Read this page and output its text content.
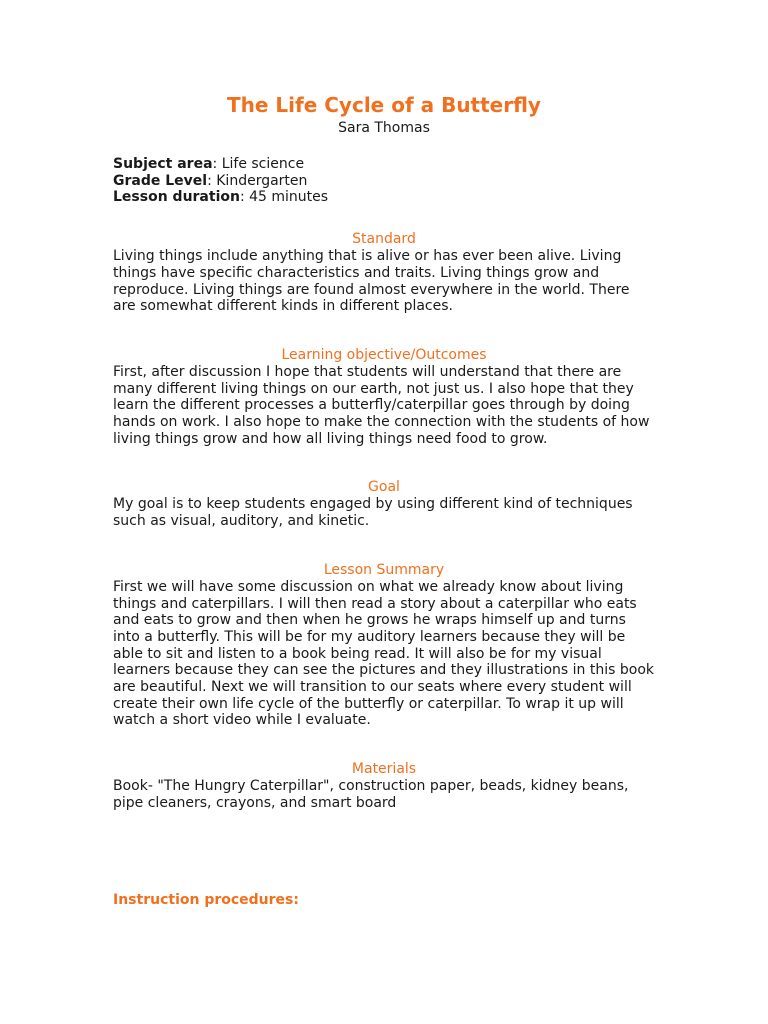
The Life Cycle of a Butterfly
Sara Thomas
Subject area: Life science
Grade Level: Kindergarten
Lesson duration: 45 minutes
Standard

Living things include anything that is alive or has ever been alive. Living things have specific characteristics and traits. Living things grow and reproduce. Living things are found almost everywhere in the world. There are somewhat different kinds in different places.

Learning objective/Outcomes

First, after discussion I hope that students will understand that there are many different living things on our earth, not just us. I also hope that they learn the different processes a butterfly/caterpillar goes through by doing hands on work. I also hope to make the connection with the students of how living things grow and how all living things need food to grow.

Goal

My goal is to keep students engaged by using different kind of techniques such as visual, auditory, and kinetic.

Lesson Summary

First we will have some discussion on what we already know about living things and caterpillars. I will then read a story about a caterpillar who eats and eats to grow and then when he grows he wraps himself up and turns into a butterfly. This will be for my auditory learners because they will be able to sit and listen to a book being read. It will also be for my visual learners because they can see the pictures and they illustrations in this book are beautiful. Next we will transition to our seats where every student will create their own life cycle of the butterfly or caterpillar. To wrap it up will watch a short video while I evaluate.

Materials

Book- "The Hungry Caterpillar", construction paper, beads, kidney beans, pipe cleaners, crayons, and smart board

Instruction procedures:
